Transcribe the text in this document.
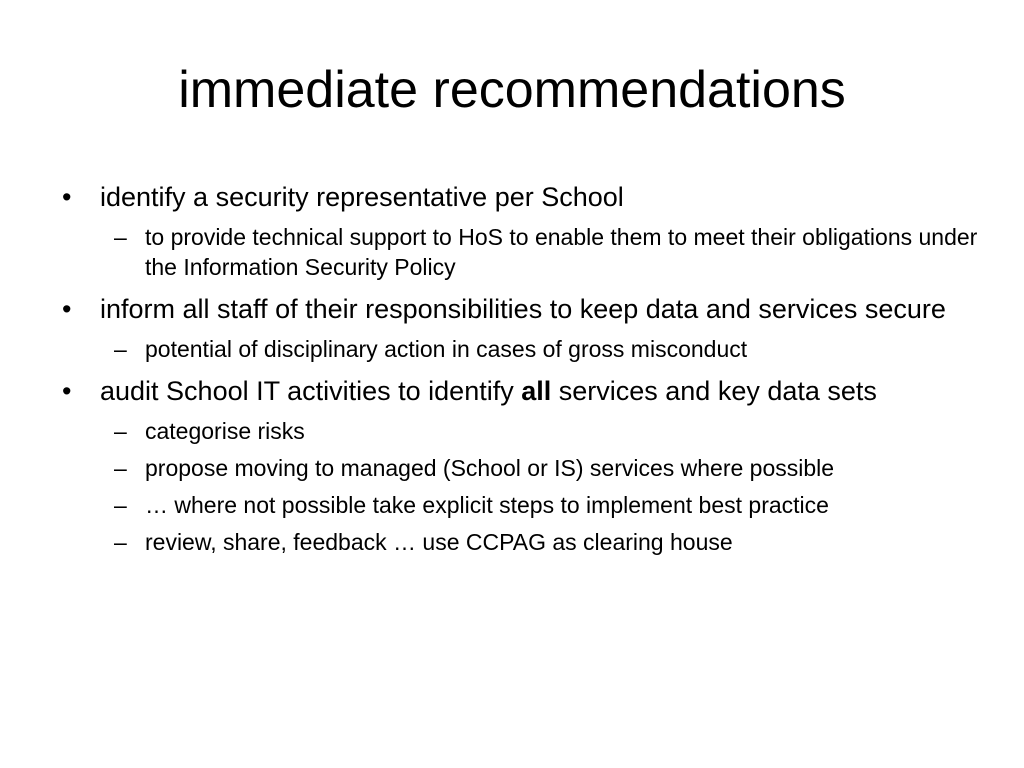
immediate recommendations
•	identify a security representative per School
– to provide technical support to HoS to enable them to meet their obligations under the Information Security Policy
•	inform all staff of their responsibilities to keep data and services secure
– potential of disciplinary action in cases of gross misconduct
•	audit School IT activities to identify all services and key data sets
– categorise risks
– propose moving to managed (School or IS) services where possible
– … where not possible take explicit steps to implement best practice
– review, share, feedback … use CCPAG as clearing house
